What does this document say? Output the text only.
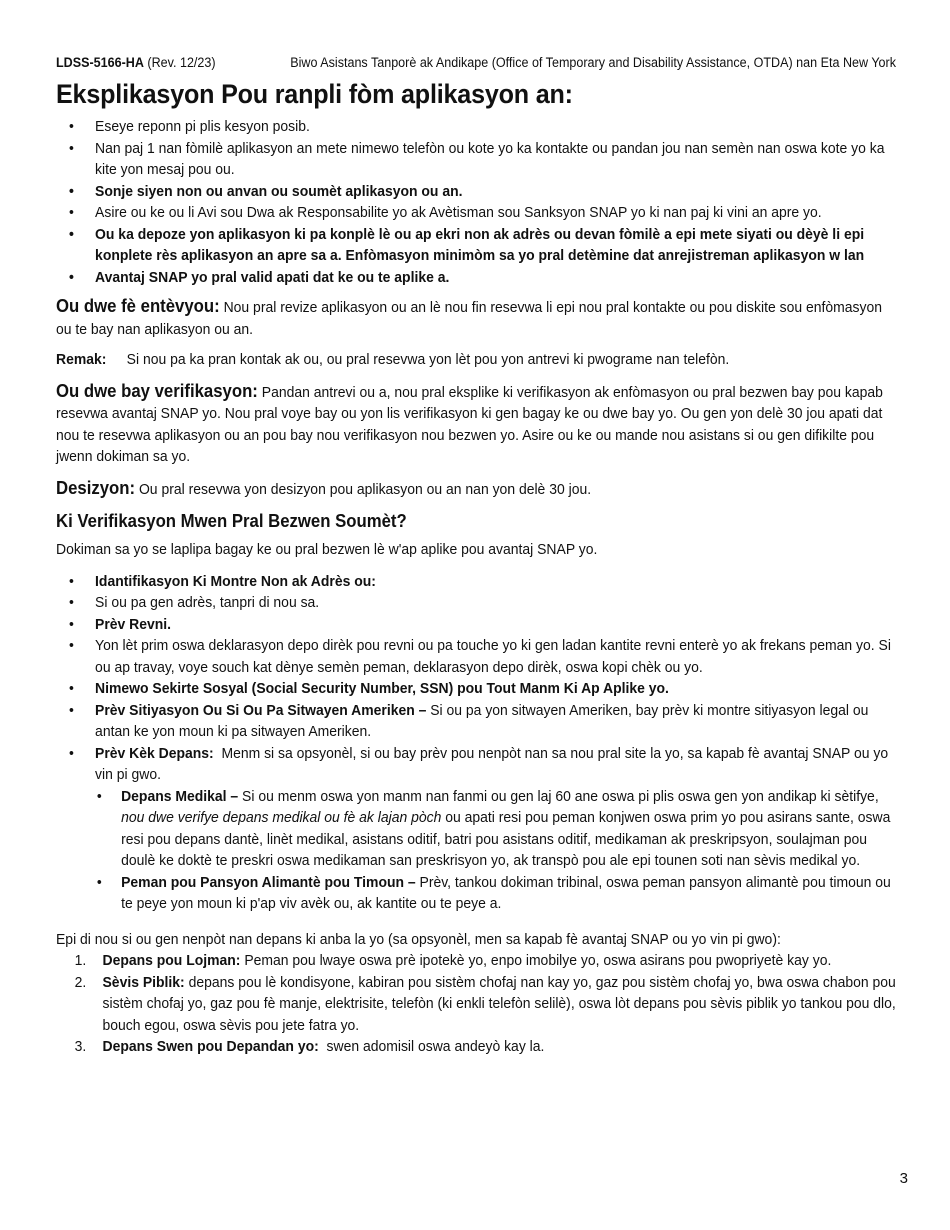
LDSS-5166-HA (Rev. 12/23)	Biwo Asistans Tanporè ak Andikape (Office of Temporary and Disability Assistance, OTDA) nan Eta New York
Eksplikasyon Pou ranpli fòm aplikasyon an:
• Eseye reponn pi plis kesyon posib.
• Nan paj 1 nan fòmilè aplikasyon an mete nimewo telefòn ou kote yo ka kontakte ou pandan jou nan semèn nan oswa kote yo ka kite yon mesaj pou ou.
• Sonje siyen non ou anvan ou soumèt aplikasyon ou an.
• Asire ou ke ou li Avi sou Dwa ak Responsabilite yo ak Avètisman sou Sanksyon SNAP yo ki nan paj ki vini an apre yo.
• Ou ka depoze yon aplikasyon ki pa konplè lè ou ap ekri non ak adrès ou devan fòmilè a epi mete siyati ou dèyè li epi konplete rès aplikasyon an apre sa a. Enfòmasyon minimòm sa yo pral detèmine dat anrejistreman aplikasyon w lan
• Avantaj SNAP yo pral valid apati dat ke ou te aplike a.

Ou dwe fè entèvyou: Nou pral revize aplikasyon ou an lè nou fin resevwa li epi nou pral kontakte ou pou diskite sou enfòmasyon ou te bay nan aplikasyon ou an.

Remak: Si nou pa ka pran kontak ak ou, ou pral resevwa yon lèt pou yon antrevi ki pwograme nan telefòn.

Ou dwe bay verifikasyon: Pandan antrevi ou a, nou pral eksplike ki verifikasyon ak enfòmasyon ou pral bezwen bay pou kapab resevwa avantaj SNAP yo. Nou pral voye bay ou yon lis verifikasyon ki gen bagay ke ou dwe bay yo. Ou gen yon delè 30 jou apati dat nou te resevwa aplikasyon ou an pou bay nou verifikasyon nou bezwen yo. Asire ou ke ou mande nou asistans si ou gen difikilte pou jwenn dokiman sa yo.

Desizyon: Ou pral resevwa yon desizyon pou aplikasyon ou an nan yon delè 30 jou.

Ki Verifikasyon Mwen Pral Bezwen Soumèt?

Dokiman sa yo se laplipa bagay ke ou pral bezwen lè w'ap aplike pou avantaj SNAP yo.

• Idantifikasyon Ki Montre Non ak Adrès ou:
• Si ou pa gen adrès, tanpri di nou sa.
• Prèv Revni.
• Yon lèt prim oswa deklarasyon depo dirèk pou revni ou pa touche yo ki gen ladan kantite revni enterè yo ak frekans peman yo. Si ou ap travay, voye souch kat dènye semèn peman, deklarasyon depo dirèk, oswa kopi chèk ou yo.
• Nimewo Sekirte Sosyal (Social Security Number, SSN) pou Tout Manm Ki Ap Aplike yo.
• Prèv Sitiyasyon Ou Si Ou Pa Sitwayen Ameriken – Si ou pa yon sitwayen Ameriken, bay prèv ki montre sitiyasyon legal ou antan ke yon moun ki pa sitwayen Ameriken.
• Prèv Kèk Depans: Menm si sa opsyonèl, si ou bay prèv pou nenpòt nan sa nou pral site la yo, sa kapab fè avantaj SNAP ou yo vin pi gwo.
• Depans Medikal – Si ou menm oswa yon manm nan fanmi ou gen laj 60 ane oswa pi plis oswa gen yon andikap ki sètifye, nou dwe verifye depans medikal ou fè ak lajan pòch ou apati resi pou peman konjwen oswa prim yo pou asirans sante, oswa resi pou depans dantè, linèt medikal, asistans oditif, batri pou asistans oditif, medikaman ak preskripsyon, soulajman pou doulè ke doktè te preskri oswa medikaman san preskrisyon yo, ak transpò pou ale epi tounen soti nan sèvis medikal yo.
• Peman pou Pansyon Alimantè pou Timoun – Prèv, tankou dokiman tribinal, oswa peman pansyon alimantè pou timoun ou te peye yon moun ki p'ap viv avèk ou, ak kantite ou te peye a.

Epi di nou si ou gen nenpòt nan depans ki anba la yo (sa opsyonèl, men sa kapab fè avantaj SNAP ou yo vin pi gwo):

1. Depans pou Lojman: Peman pou lwaye oswa prè ipotekè yo, enpo imobilye yo, oswa asirans pou pwopriyetè kay yo.
2. Sèvis Piblik: depans pou lè kondisyone, kabiran pou sistèm chofaj nan kay yo, gaz pou sistèm chofaj yo, bwa oswa chabon pou sistèm chofaj yo, gaz pou fè manje, elektrisite, telefòn (ki enkli telefòn selilè), oswa lòt depans pou sèvis piblik yo tankou pou dlo, bouch egou, oswa sèvis pou jete fatra yo.
3. Depans Swen pou Depandan yo: swen adomisil oswa andeyò kay la.
3
